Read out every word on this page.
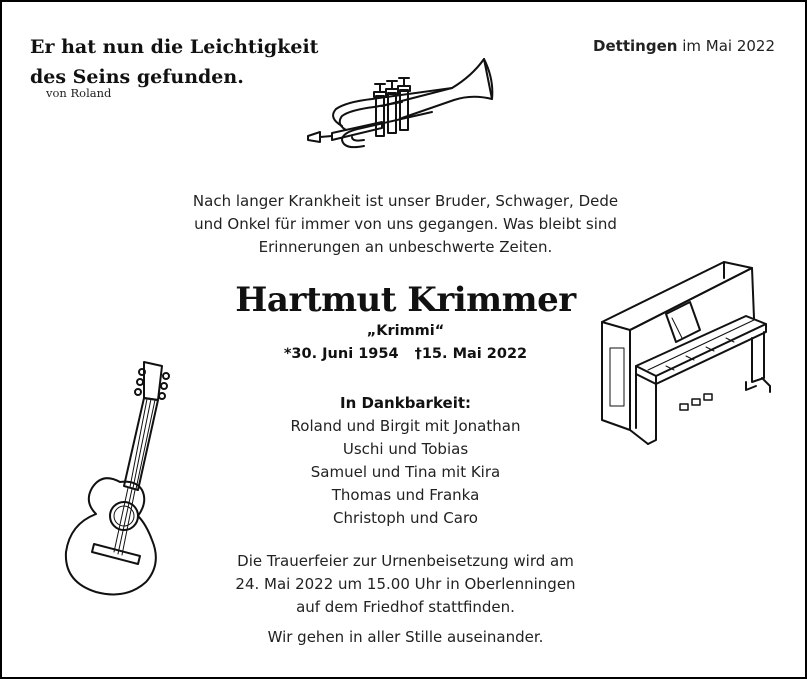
Er hat nun die Leichtigkeit
des Seins gefunden.
von Roland
Dettingen im Mai 2022
Nach langer Krankheit ist unser Bruder, Schwager, Dede
und Onkel für immer von uns gegangen. Was bleibt sind
Erinnerungen an unbeschwerte Zeiten.
Hartmut Krimmer
„Krimmi“
*30. Juni 1954 †15. Mai 2022
In Dankbarkeit:
Roland und Birgit mit Jonathan
Uschi und Tobias
Samuel und Tina mit Kira
Thomas und Franka
Christoph und Caro
Die Trauerfeier zur Urnenbeisetzung wird am
24. Mai 2022 um 15.00 Uhr in Oberlenningen
auf dem Friedhof stattfinden.
Wir gehen in aller Stille auseinander.
